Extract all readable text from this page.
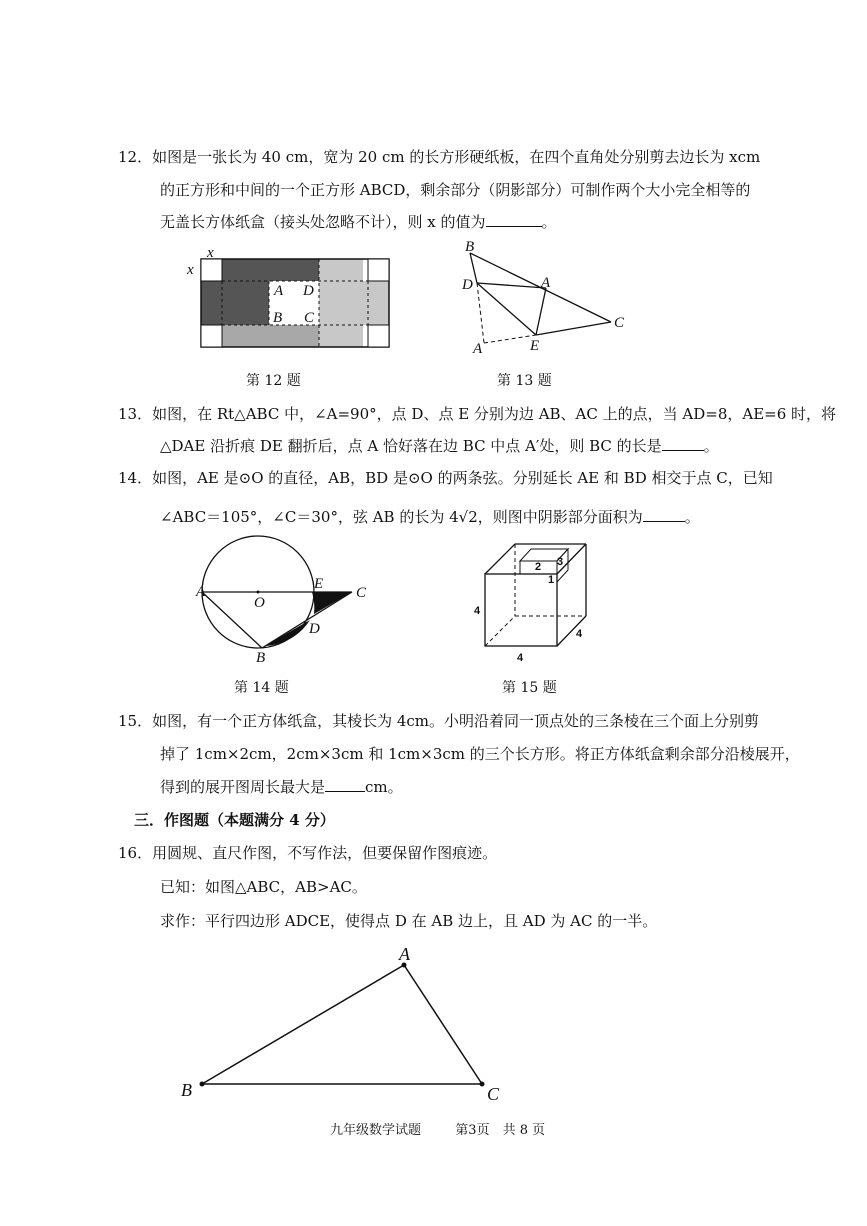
12．如图是一张长为 40 cm，宽为 20 cm 的长方形硬纸板，在四个直角处分别剪去边长为 xcm
的正方形和中间的一个正方形 ABCD，剩余部分（阴影部分）可制作两个大小完全相等的
无盖长方体纸盒（接头处忽略不计），则 x 的值为	。
x
x
A D
B C
B
D	A
C
A	E
第 12 题	第 13 题
13．如图，在 Rt△ABC 中，∠A=90°，点 D、点 E 分别为边 AB、AC 上的点，当 AD=8，AE=6 时，将
△DAE 沿折痕 DE 翻折后，点 A 恰好落在边 BC 中点 A′处，则 BC 的长是	。
14．如图，AE 是⊙O 的直径，AB，BD 是⊙O 的两条弦。分别延长 AE 和 BD 相交于点 C，已知
∠ABC＝105°，∠C＝30°，弦 AB 的长为 4√2，则图中阴影部分面积为	。
A
O
E
C
D
B
2 3
1
4
4
4
第 14 题	第 15 题
15．如图，有一个正方体纸盒，其棱长为 4cm。小明沿着同一顶点处的三条棱在三个面上分别剪
掉了 1cm×2cm，2cm×3cm 和 1cm×3cm 的三个长方形。将正方体纸盒剩余部分沿棱展开，
得到的展开图周长最大是	cm。
三．作图题（本题满分 4 分）
16．用圆规、直尺作图，不写作法，但要保留作图痕迹。
已知：如图△ABC，AB>AC。
求作：平行四边形 ADCE，使得点 D 在 AB 边上，且 AD 为 AC 的一半。
A
B	C
九年级数学试题	第3页　共 8 页
